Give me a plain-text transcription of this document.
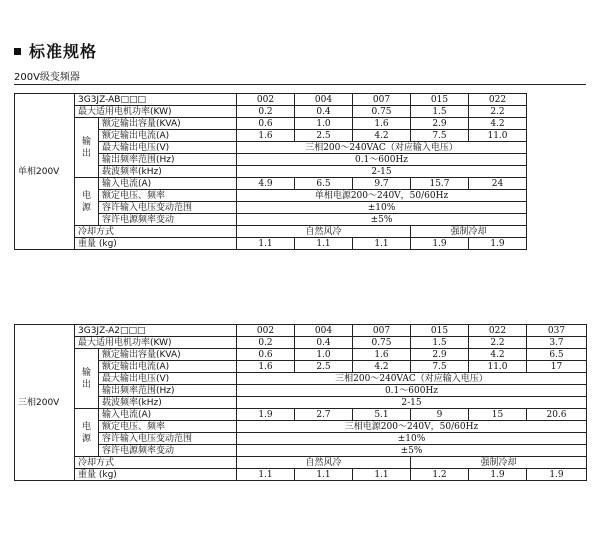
标准规格
200V级变频器
单相200V	3G3JZ-AB□□□		002	004	007	015	022	
	最大适用电机功率(KW)		0.2	0.4	0.75	1.5	2.2	

	输出	额定输出容量(KVA)	0.6	1.0	1.6	2.9	4.2	
		额定输出电流(A)	1.6	2.5	4.2	7.5	11.0	
		最大输出电压(V)	三相200～240VAC（对应输入电压）					
		输出频率范围(Hz)	0.1～600Hz					
		载波频率(kHz)	2-15					

	电源	输入电流(A)	4.9	6.5	9.7	15.7	24	
		额定电压、频率	单相电源200～240V，50/60Hz					
		容许输入电压变动范围	±10%					
		容许电源频率变动	±5%					
	冷却方式		自然风冷			强制冷却		
	重量 (kg)		1.1	1.1	1.1	1.9	1.9	
三相200V	3G3JZ-A2□□□		002	004	007	015	022	037
	最大适用电机功率(KW)		0.2	0.4	0.75	1.5	2.2	3.7

	输出	额定输出容量(KVA)	0.6	1.0	1.6	2.9	4.2	6.5
		额定输出电流(A)	1.6	2.5	4.2	7.5	11.0	17
		最大输出电压(V)	三相200～240VAC（对应输入电压）					
		输出频率范围(Hz)	0.1～600Hz					
		载波频率(kHz)	2-15					

	电源	输入电流(A)	1.9	2.7	5.1	9	15	20.6
		额定电压、频率	三相电源200～240V，50/60Hz					
		容许输入电压变动范围	±10%					
		容许电源频率变动	±5%					
	冷却方式		自然风冷			强制冷却		
	重量 (kg)		1.1	1.1	1.1	1.2	1.9	1.9
